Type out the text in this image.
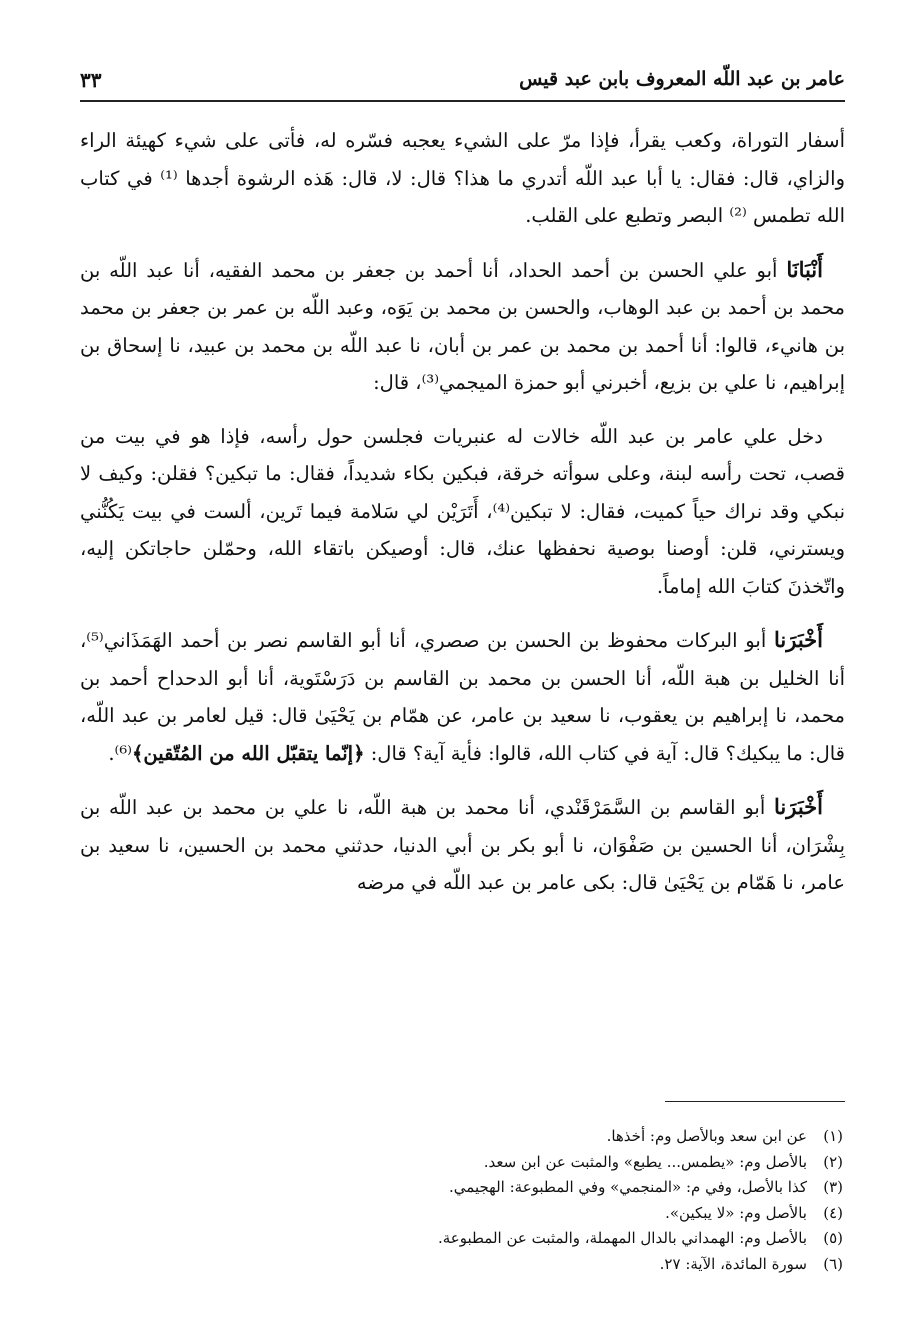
عامر بن عبد اللّه المعروف بابن عبد قيس
٣٣

أسفار التوراة، وكعب يقرأ، فإذا مرّ على الشيء يعجبه فسّره له، فأتى على شيء كهيئة الراء والزاي، قال: فقال: يا أبا عبد اللّه أتدري ما هذا؟ قال: لا، قال: هَذه الرشوة أجدها ⁽¹⁾ في كتاب الله تطمس ⁽²⁾ البصر وتطبع على القلب.

أَنْبَانَا أبو علي الحسن بن أحمد الحداد، أنا أحمد بن جعفر بن محمد الفقيه، أنا عبد اللّه بن محمد بن أحمد بن عبد الوهاب، والحسن بن محمد بن يَوَه، وعبد اللّه بن عمر بن جعفر بن محمد بن هانيء، قالوا: أنا أحمد بن محمد بن عمر بن أبان، نا عبد اللّه بن محمد بن عبيد، نا إسحاق بن إبراهيم، نا علي بن بزيع، أخبرني أبو حمزة الميجمي⁽³⁾، قال:

دخل علي عامر بن عبد اللّه خالات له عنبريات فجلسن حول رأسه، فإذا هو في بيت من قصب، تحت رأسه لبنة، وعلى سوأته خرقة، فبكين بكاء شديداً، فقال: ما تبكين؟ فقلن: وكيف لا نبكي وقد نراك حياً كميت، فقال: لا تبكين⁽⁴⁾، أَتَرَيْن لي سَلامة فيما تَرين، ألست في بيت يَكُنُّني ويسترني، قلن: أوصنا بوصية نحفظها عنك، قال: أوصيكن باتقاء الله، وحمّلن حاجاتكن إليه، واتّخذنَ كتابَ الله إماماً.

أَخْبَرَنا أبو البركات محفوظ بن الحسن بن صصري، أنا أبو القاسم نصر بن أحمد الهَمَذَاني⁽⁵⁾، أنا الخليل بن هبة اللّه، أنا الحسن بن محمد بن القاسم بن دَرَسْتَوية، أنا أبو الدحداح أحمد بن محمد، نا إبراهيم بن يعقوب، نا سعيد بن عامر، عن همّام بن يَحْيَىٰ قال: قيل لعامر بن عبد اللّه، قال: ما يبكيك؟ قال: آية في كتاب الله، قالوا: فأية آية؟ قال: ﴿إنّما يتقبّل الله من المُتّقين﴾⁽⁶⁾.

أَخْبَرَنا أبو القاسم بن السَّمَرْقَنْدي، أنا محمد بن هبة اللّه، نا علي بن محمد بن عبد اللّه بن بِشْرَان، أنا الحسين بن صَفْوَان، نا أبو بكر بن أبي الدنيا، حدثني محمد بن الحسين، نا سعيد بن عامر، نا هَمّام بن يَحْيَىٰ قال: بكى عامر بن عبد اللّه في مرضه

(١)عن ابن سعد وبالأصل وم: أخذها.
(٢)بالأصل وم: «يطمس... يطبع» والمثبت عن ابن سعد.
(٣)كذا بالأصل، وفي م: «المنجمي» وفي المطبوعة: الهجيمي.
(٤)بالأصل وم: «لا يبكين».
(٥)بالأصل وم: الهمداني بالدال المهملة، والمثبت عن المطبوعة.
(٦)سورة المائدة، الآية: ٢٧.
